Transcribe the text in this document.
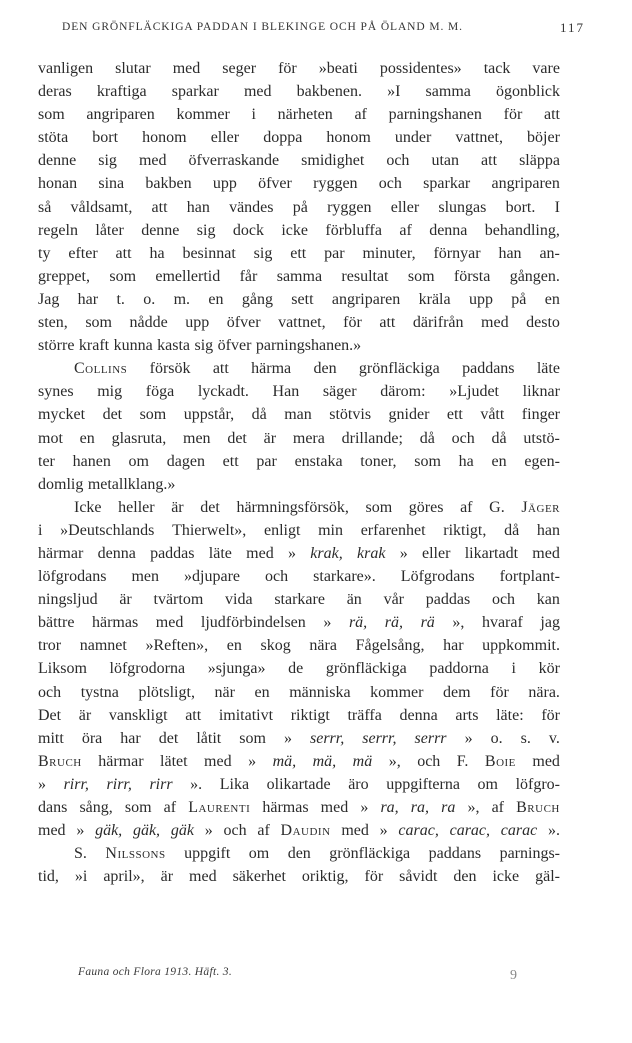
DEN GRÖNFLÄCKIGA PADDAN I BLEKINGE OCH PÅ ÖLAND M. M.	117
vanligen slutar med seger för »beati possidentes» tack vare
deras kraftiga sparkar med bakbenen. »I samma ögonblick
som angriparen kommer i närheten af parningshanen för att
stöta bort honom eller doppa honom under vattnet, böjer
denne sig med öfverraskande smidighet och utan att släppa
honan sina bakben upp öfver ryggen och sparkar angriparen
så våldsamt, att han vändes på ryggen eller slungas bort. I
regeln låter denne sig dock icke förbluffa af denna behandling,
ty efter att ha besinnat sig ett par minuter, förnyar han an-
greppet, som emellertid får samma resultat som första gången.
Jag har t. o. m. en gång sett angriparen kräla upp på en
sten, som nådde upp öfver vattnet, för att därifrån med desto
större kraft kunna kasta sig öfver parningshanen.»
Collins försök att härma den grönfläckiga paddans läte
synes mig föga lyckadt. Han säger därom: »Ljudet liknar
mycket det som uppstår, då man stötvis gnider ett vått finger
mot en glasruta, men det är mera drillande; då och då utstö-
ter hanen om dagen ett par enstaka toner, som ha en egen-
domlig metallklang.»
Icke heller är det härmningsförsök, som göres af G. Jäger
i »Deutschlands Thierwelt», enligt min erfarenhet riktigt, då han
härmar denna paddas läte med » krak, krak » eller likartadt med
löfgrodans men »djupare och starkare». Löfgrodans fortplant-
ningsljud är tvärtom vida starkare än vår paddas och kan
bättre härmas med ljudförbindelsen » rä, rä, rä », hvaraf jag
tror namnet »Reften», en skog nära Fågelsång, har uppkommit.
Liksom löfgrodorna »sjunga» de grönfläckiga paddorna i kör
och tystna plötsligt, när en människa kommer dem för nära.
Det är vanskligt att imitativt riktigt träffa denna arts läte: för
mitt öra har det låtit som » serrr, serrr, serrr » o. s. v.
Bruch härmar lätet med » mä, mä, mä », och F. Boie med
» rirr, rirr, rirr ». Lika olikartade äro uppgifterna om löfgro-
dans sång, som af Laurenti härmas med » ra, ra, ra », af Bruch
med » gäk, gäk, gäk » och af Daudin med » carac, carac, carac ».
S. Nilssons uppgift om den grönfläckiga paddans parnings-
tid, »i april», är med säkerhet oriktig, för såvidt den icke gäl-
Fauna och Flora 1913. Häft. 3.	9
